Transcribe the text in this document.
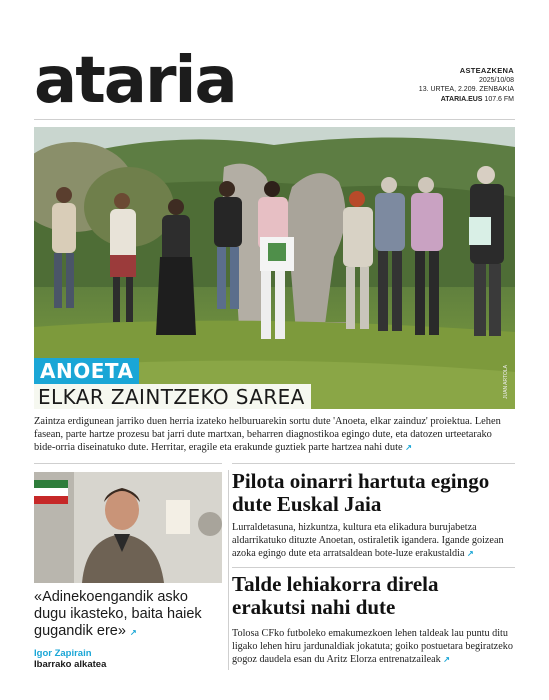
ataria	ASTEAZKENA
2025/10/08
13. URTEA, 2.209. ZENBAKIA
ATARIA.EUS 107.6 FM
JUAN ARTOLA
ANOETA
ELKAR ZAINTZEKO SAREA
Zaintza erdigunean jarriko duen herria izateko helburuarekin sortu dute 'Anoeta, elkar zainduz' proiektua. Lehen fasean, parte hartze prozesu bat jarri dute martxan, beharren diagnostikoa egingo dute, eta datozen urteetarako bide-orria diseinatuko dute. Herritar, eragile eta erakunde guztiek parte hartzea nahi dute ↗
«Adinekoengandik asko dugu ikasteko, baita haiek gugandik ere» ↗
Igor Zapirain
Ibarrako alkatea
Pilota oinarri hartuta egingo dute Euskal Jaia
Lurraldetasuna, hizkuntza, kultura eta elikadura burujabetza aldarrikatuko dituzte Anoetan, ostiraletik igandera. Igande goizean azoka egingo dute eta arratsaldean bote-luze erakustaldia ↗
Talde lehiakorra direla erakutsi nahi dute
Tolosa CFko futboleko emakumezkoen lehen taldeak lau puntu ditu ligako lehen hiru jardunaldiak jokatuta; goiko postuetara begiratzeko gogoz daudela esan du Aritz Elorza entrenatzaileak ↗
